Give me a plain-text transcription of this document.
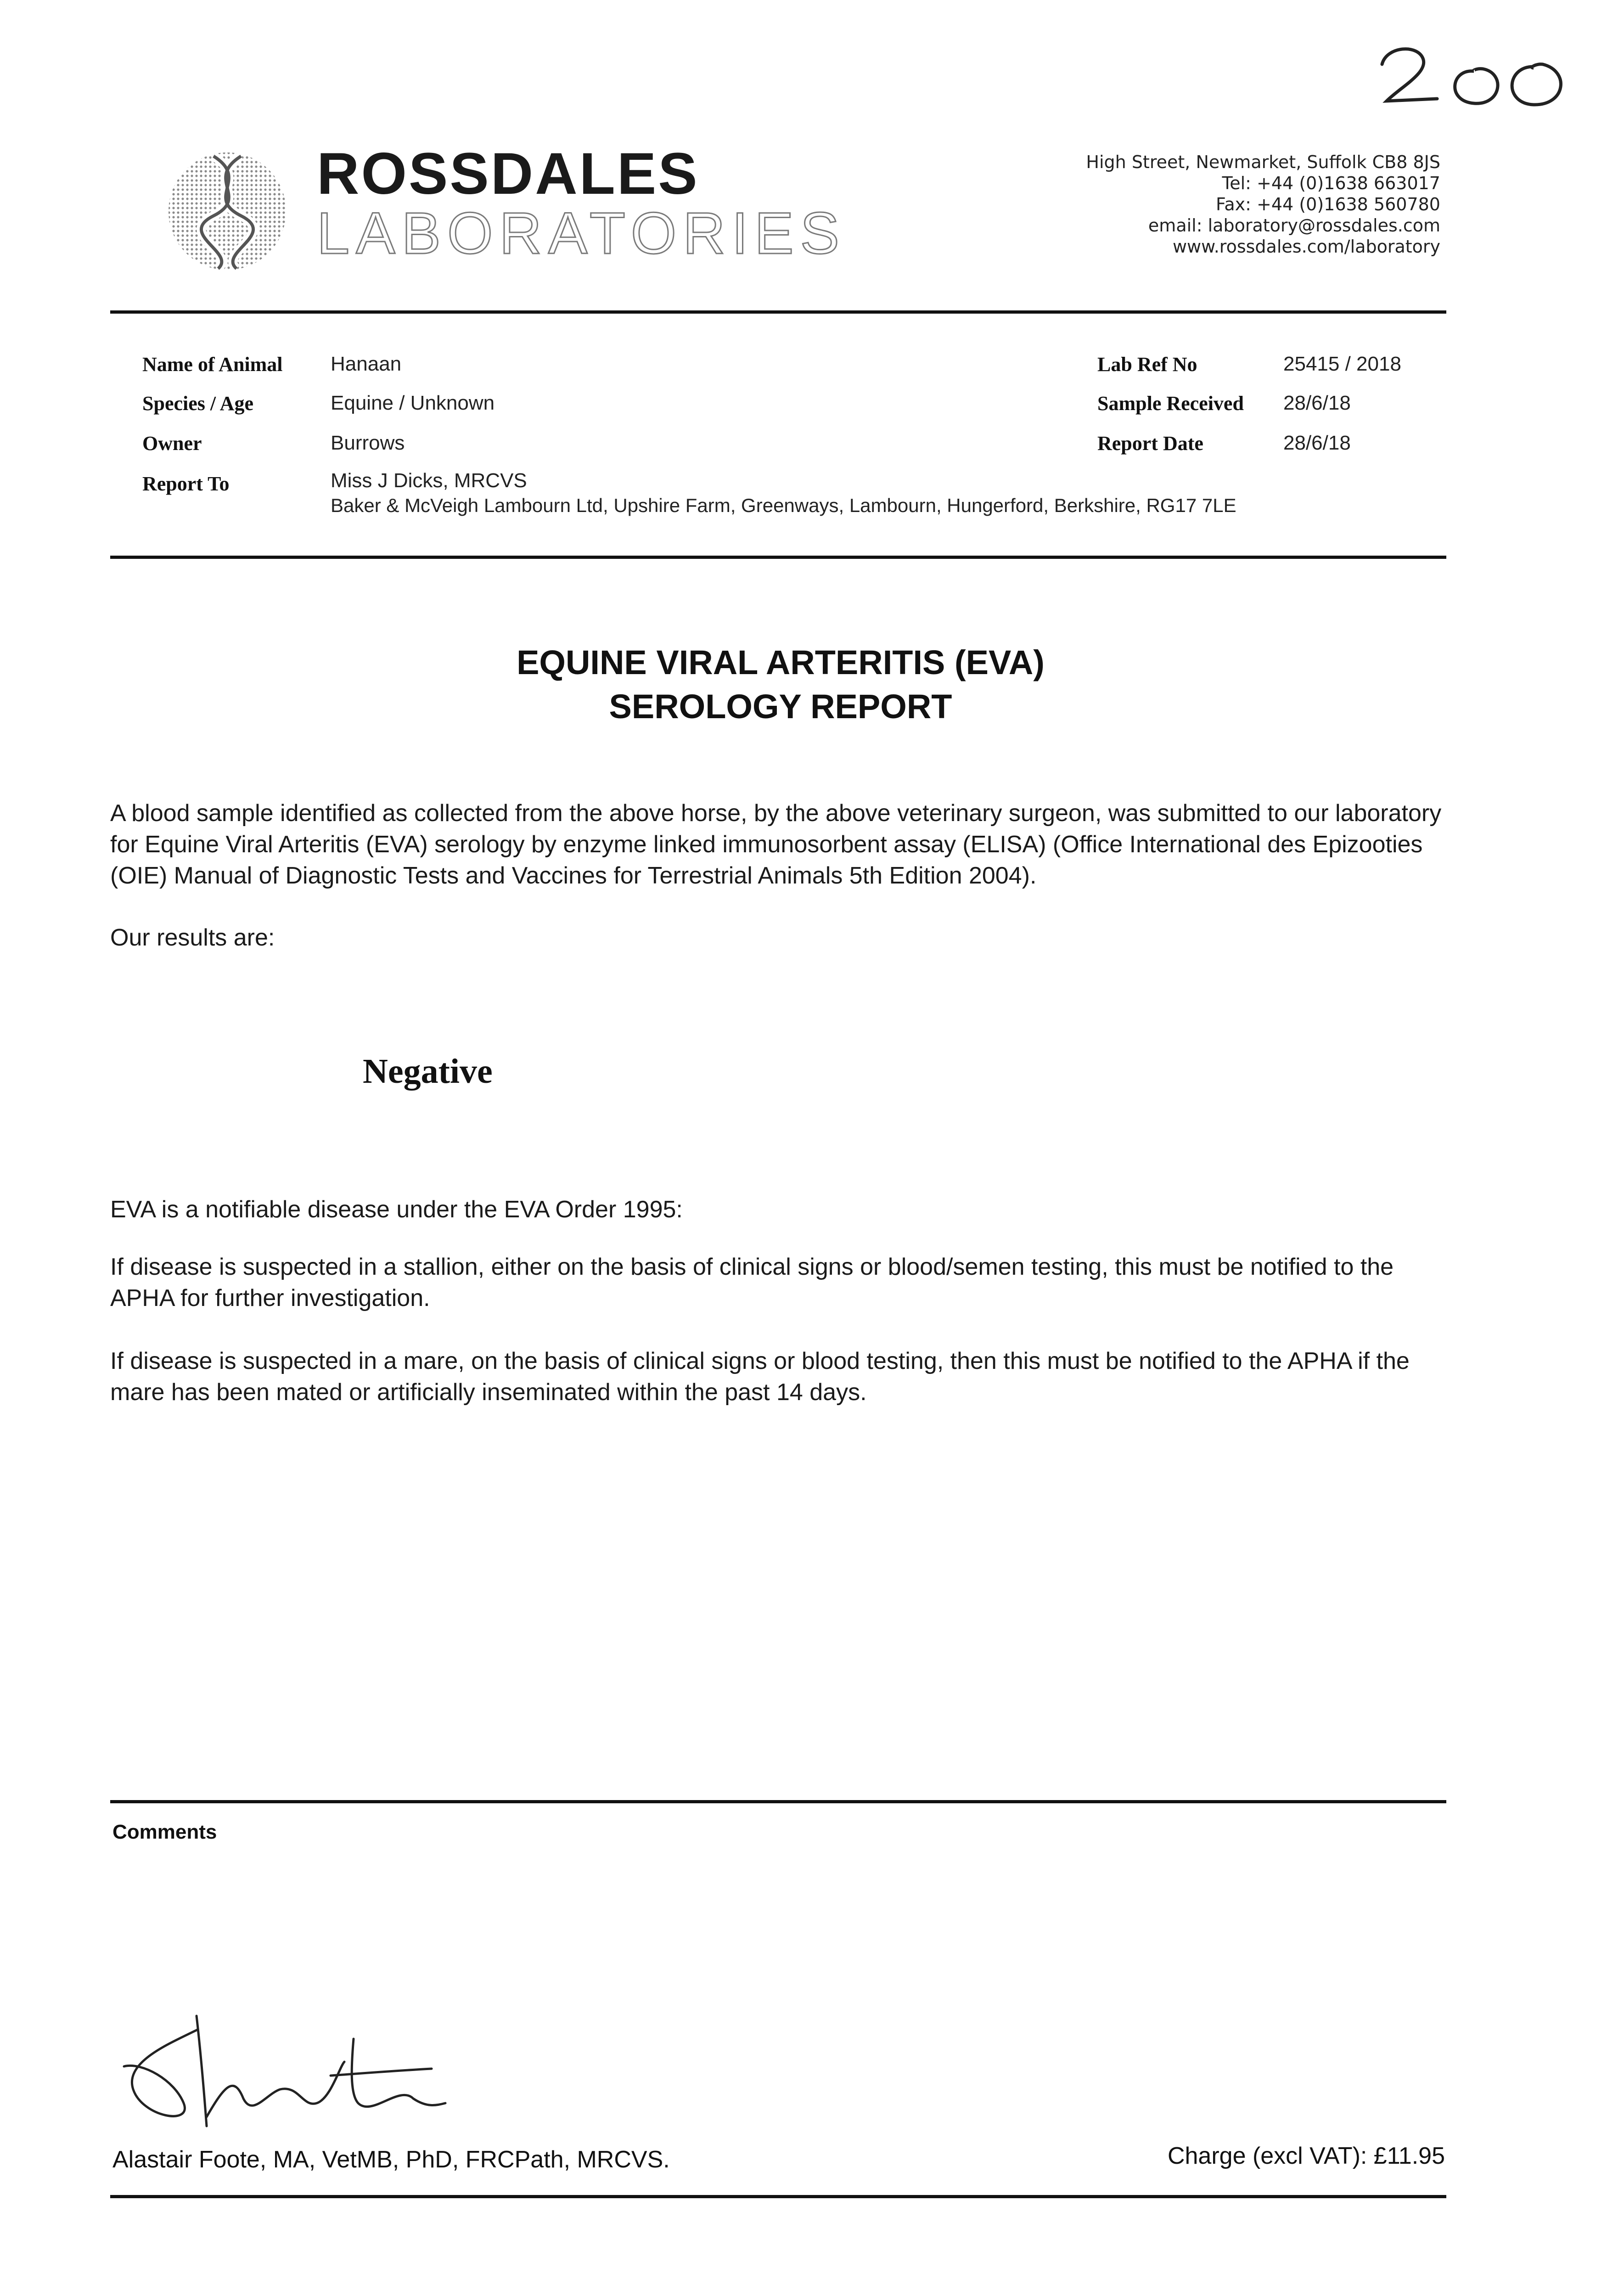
ROSSDALES
LABORATORIES
High Street, Newmarket, Suffolk CB8 8JS
Tel: +44 (0)1638 663017
Fax: +44 (0)1638 560780
email: laboratory@rossdales.com
www.rossdales.com/laboratory
Name of Animal Hanaan
Species / Age	Equine / Unknown
Owner	Burrows
Report To	Miss J Dicks, MRCVS
Baker & McVeigh Lambourn Ltd, Upshire Farm, Greenways, Lambourn, Hungerford, Berkshire, RG17 7LE
Lab Ref No	25415 / 2018
Sample Received 28/6/18
Report Date	28/6/18
EQUINE VIRAL ARTERITIS (EVA)
SEROLOGY REPORT
A blood sample identified as collected from the above horse, by the above veterinary surgeon, was submitted to our laboratory for Equine Viral Arteritis (EVA) serology by enzyme linked immunosorbent assay (ELISA) (Office International des Epizooties (OIE) Manual of Diagnostic Tests and Vaccines for Terrestrial Animals 5th Edition 2004).
Our results are:
Negative
EVA is a notifiable disease under the EVA Order 1995:
If disease is suspected in a stallion, either on the basis of clinical signs or blood/semen testing, this must be notified to the APHA for further investigation.
If disease is suspected in a mare, on the basis of clinical signs or blood testing, then this must be notified to the APHA if the mare has been mated or artificially inseminated within the past 14 days.
Comments
Alastair Foote, MA, VetMB, PhD, FRCPath, MRCVS.	Charge (excl VAT): £11.95
